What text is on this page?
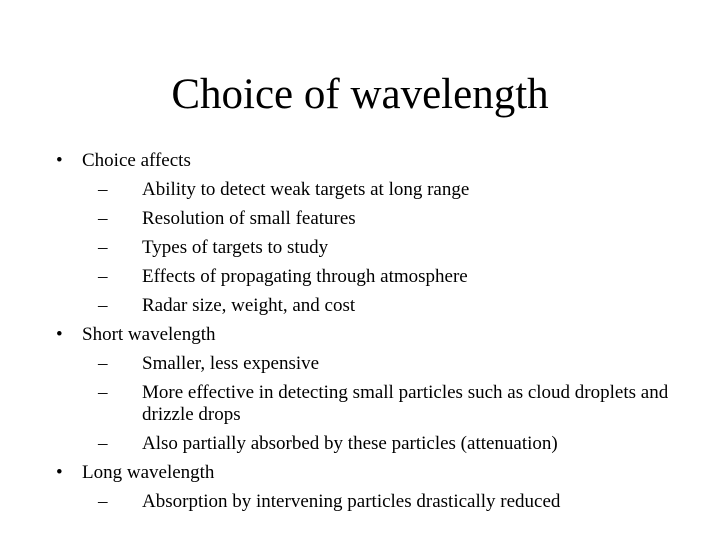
Choice of wavelength
• Choice affects
– Ability to detect weak targets at long range
– Resolution of small features
– Types of targets to study
– Effects of propagating through atmosphere
– Radar size, weight, and cost
• Short wavelength
– Smaller, less expensive
– More effective in detecting small particles such as cloud droplets and drizzle drops
– Also partially absorbed by these particles (attenuation)
• Long wavelength
– Absorption by intervening particles drastically reduced
